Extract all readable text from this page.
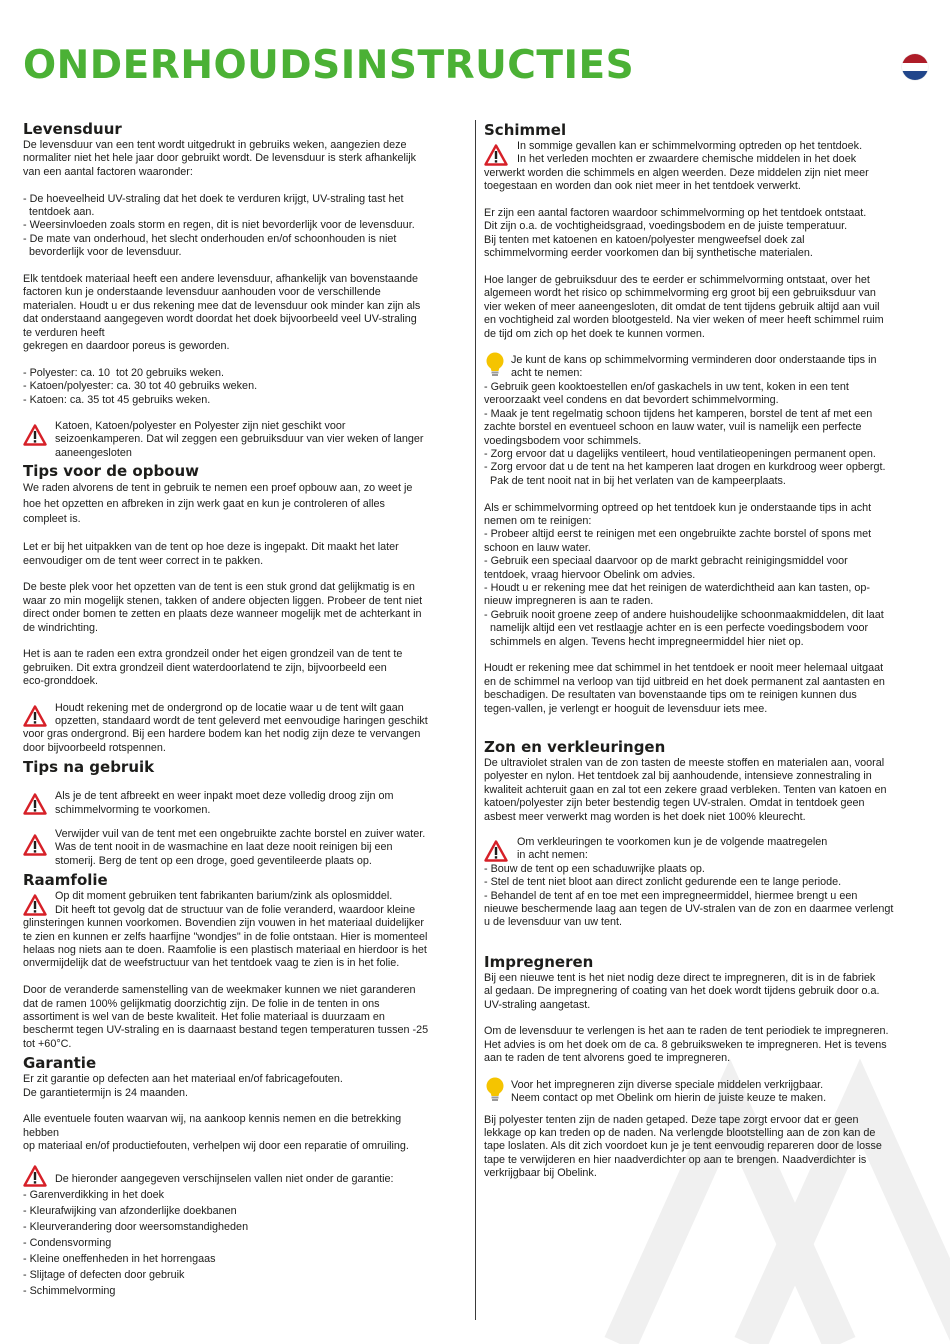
ONDERHOUDSINSTRUCTIES
Levensduur

De levensduur van een tent wordt uitgedrukt in gebruiks weken, aangezien deze
normaliter niet het hele jaar door gebruikt wordt. De levensduur is sterk afhankelijk
van een aantal factoren waaronder:

- De hoeveelheid UV-straling dat het doek te verduren krijgt, UV-straling tast het
tentdoek aan.
- Weersinvloeden zoals storm en regen, dit is niet bevorderlijk voor de levensduur.
- De mate van onderhoud, het slecht onderhouden en/of schoonhouden is niet
bevorderlijk voor de levensduur.

Elk tentdoek materiaal heeft een andere levensduur, afhankelijk van bovenstaande
factoren kun je onderstaande levensduur aanhouden voor de verschillende
materialen. Houdt u er dus rekening mee dat de levensduur ook minder kan zijn als
dat onderstaand aangegeven wordt doordat het doek bijvoorbeeld veel UV-straling
te verduren heeft
gekregen en daardoor poreus is geworden.

- Polyester: ca. 10  tot 20 gebruiks weken.
- Katoen/polyester: ca. 30 tot 40 gebruiks weken.
- Katoen: ca. 35 tot 45 gebruiks weken.

Katoen, Katoen/polyester en Polyester zijn niet geschikt voor
seizoenkamperen. Dat wil zeggen een gebruiksduur van vier weken of langer
aaneengesloten

Tips voor de opbouw

We raden alvorens de tent in gebruik te nemen een proef opbouw aan, zo weet je
hoe het opzetten en afbreken in zijn werk gaat en kun je controleren of alles
compleet is.

Let er bij het uitpakken van de tent op hoe deze is ingepakt. Dit maakt het later
eenvoudiger om de tent weer correct in te pakken.

De beste plek voor het opzetten van de tent is een stuk grond dat gelijkmatig is en
waar zo min mogelijk stenen, takken of andere objecten liggen. Probeer de tent niet
direct onder bomen te zetten en plaats deze wanneer mogelijk met de achterkant in
de windrichting.

Het is aan te raden een extra grondzeil onder het eigen grondzeil van de tent te
gebruiken. Dit extra grondzeil dient waterdoorlatend te zijn, bijvoorbeeld een
eco-gronddoek.

Houdt rekening met de ondergrond op de locatie waar u de tent wilt gaan
opzetten, standaard wordt de tent geleverd met eenvoudige haringen geschikt

voor gras ondergrond. Bij een hardere bodem kan het nodig zijn deze te vervangen
door bijvoorbeeld rotspennen.

Tips na gebruik

Als je de tent afbreekt en weer inpakt moet deze volledig droog zijn om
schimmelvorming te voorkomen.

Verwijder vuil van de tent met een ongebruikte zachte borstel en zuiver water.
Was de tent nooit in de wasmachine en laat deze nooit reinigen bij een
stomerij. Berg de tent op een droge, goed geventileerde plaats op.

Raamfolie

Op dit moment gebruiken tent fabrikanten barium/zink als oplosmiddel.
Dit heeft tot gevolg dat de structuur van de folie veranderd, waardoor kleine

glinsteringen kunnen voorkomen. Bovendien zijn vouwen in het materiaal duidelijker
te zien en kunnen er zelfs haarfijne "wondjes" in de folie ontstaan. Hier is momenteel
helaas nog niets aan te doen. Raamfolie is een plastisch materiaal en hierdoor is het
onvermijdelijk dat de weefstructuur van het tentdoek vaag te zien is in het folie.

Door de veranderde samenstelling van de weekmaker kunnen we niet garanderen
dat de ramen 100% gelijkmatig doorzichtig zijn. De folie in de tenten in ons
assortiment is wel van de beste kwaliteit. Het folie materiaal is duurzaam en
beschermt tegen UV-straling en is daarnaast bestand tegen temperaturen tussen -25
tot +60°C.

Garantie

Er zit garantie op defecten aan het materiaal en/of fabricagefouten.
De garantietermijn is 24 maanden.

Alle eventuele fouten waarvan wij, na aankoop kennis nemen en die betrekking
hebben
op materiaal en/of productiefouten, verhelpen wij door een reparatie of omruiling.

De hieronder aangegeven verschijnselen vallen niet onder de garantie:

- Garenverdikking in het doek

- Kleurafwijking van afzonderlijke doekbanen

- Kleurverandering door weersomstandigheden

- Condensvorming

- Kleine oneffenheden in het horrengaas

- Slijtage of defecten door gebruik

- Schimmelvorming

Schimmel

In sommige gevallen kan er schimmelvorming optreden op het tentdoek.
In het verleden mochten er zwaardere chemische middelen in het doek

verwerkt worden die schimmels en algen weerden. Deze middelen zijn niet meer
toegestaan en worden dan ook niet meer in het tentdoek verwerkt.

Er zijn een aantal factoren waardoor schimmelvorming op het tentdoek ontstaat.
Dit zijn o.a. de vochtigheidsgraad, voedingsbodem en de juiste temperatuur.
Bij tenten met katoenen en katoen/polyester mengweefsel doek zal
schimmelvorming eerder voorkomen dan bij synthetische materialen.

Hoe langer de gebruiksduur des te eerder er schimmelvorming ontstaat, over het
algemeen wordt het risico op schimmelvorming erg groot bij een gebruiksduur van
vier weken of meer aaneengesloten, dit omdat de tent tijdens gebruik altijd aan vuil
en vochtigheid zal worden blootgesteld. Na vier weken of meer heeft schimmel ruim
de tijd om zich op het doek te kunnen vormen.

Je kunt de kans op schimmelvorming verminderen door onderstaande tips in
acht te nemen:

- Gebruik geen kooktoestellen en/of gaskachels in uw tent, koken in een tent
veroorzaakt veel condens en dat bevordert schimmelvorming.
- Maak je tent regelmatig schoon tijdens het kamperen, borstel de tent af met een
zachte borstel en eventueel schoon en lauw water, vuil is namelijk een perfecte
voedingsbodem voor schimmels.
- Zorg ervoor dat u dagelijks ventileert, houd ventilatieopeningen permanent open.
- Zorg ervoor dat u de tent na het kamperen laat drogen en kurkdroog weer opbergt.
Pak de tent nooit nat in bij het verlaten van de kampeerplaats.

Als er schimmelvorming optreed op het tentdoek kun je onderstaande tips in acht
nemen om te reinigen:
- Probeer altijd eerst te reinigen met een ongebruikte zachte borstel of spons met
schoon en lauw water.
- Gebruik een speciaal daarvoor op de markt gebracht reinigingsmiddel voor
tentdoek, vraag hiervoor Obelink om advies.
- Houdt u er rekening mee dat het reinigen de waterdichtheid aan kan tasten, op-
nieuw impregneren is aan te raden.
- Gebruik nooit groene zeep of andere huishoudelijke schoonmaakmiddelen, dit laat
namelijk altijd een vet restlaagje achter en is een perfecte voedingsbodem voor
schimmels en algen. Tevens hecht impregneermiddel hier niet op.

Houdt er rekening mee dat schimmel in het tentdoek er nooit meer helemaal uitgaat
en de schimmel na verloop van tijd uitbreid en het doek permanent zal aantasten en
beschadigen. De resultaten van bovenstaande tips om te reinigen kunnen dus
tegen-vallen, je verlengt er hooguit de levensduur iets mee.

Zon en verkleuringen

De ultraviolet stralen van de zon tasten de meeste stoffen en materialen aan, vooral
polyester en nylon. Het tentdoek zal bij aanhoudende, intensieve zonnestraling in
kwaliteit achteruit gaan en zal tot een zekere graad verbleken. Tenten van katoen en
katoen/polyester zijn beter bestendig tegen UV-stralen. Omdat in tentdoek geen
asbest meer verwerkt mag worden is het doek niet 100% kleurecht.

Om verkleuringen te voorkomen kun je de volgende maatregelen
in acht nemen:

- Bouw de tent op een schaduwrijke plaats op.
- Stel de tent niet bloot aan direct zonlicht gedurende een te lange periode.
- Behandel de tent af en toe met een impregneermiddel, hiermee brengt u een
nieuwe beschermende laag aan tegen de UV-stralen van de zon en daarmee verlengt
u de levensduur van uw tent.

Impregneren

Bij een nieuwe tent is het niet nodig deze direct te impregneren, dit is in de fabriek
al gedaan. De impregnering of coating van het doek wordt tijdens gebruik door o.a.
UV-straling aangetast.

Om de levensduur te verlengen is het aan te raden de tent periodiek te impregneren.
Het advies is om het doek om de ca. 8 gebruiksweken te impregneren. Het is tevens
aan te raden de tent alvorens goed te impregneren.

Voor het impregneren zijn diverse speciale middelen verkrijgbaar.
Neem contact op met Obelink om hierin de juiste keuze te maken.

Bij polyester tenten zijn de naden getaped. Deze tape zorgt ervoor dat er geen
lekkage op kan treden op de naden. Na verlengde blootstelling aan de zon kan de
tape loslaten. Als dit zich voordoet kun je je tent eenvoudig repareren door de losse
tape te verwijderen en hier naadverdichter op aan te brengen. Naadverdichter is
verkrijgbaar bij Obelink.
